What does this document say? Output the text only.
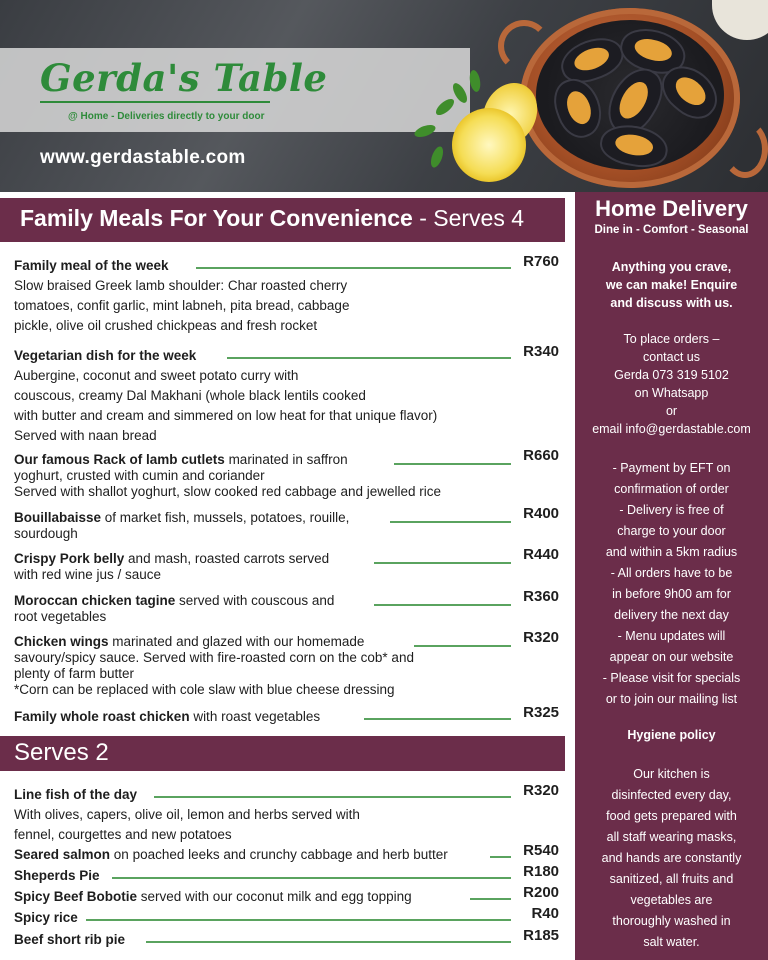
Gerda's Table
@ Home - Deliveries directly to your door
www.gerdastable.com
Family Meals For Your Convenience - Serves 4
Family meal of the week	R760
Slow braised Greek lamb shoulder: Char roasted cherry
tomatoes, confit garlic, mint labneh, pita bread, cabbage
pickle, olive oil crushed chickpeas and fresh rocket
Vegetarian dish for the week	R340
Aubergine, coconut and sweet potato curry with
couscous, creamy Dal Makhani (whole black lentils cooked
with butter and cream and simmered on low heat for that unique flavor)
Served with naan bread
Our famous Rack of lamb cutlets marinated in saffron	R660
yoghurt, crusted with cumin and coriander
Served with shallot yoghurt, slow cooked red cabbage and jewelled rice
Bouillabaisse of market fish, mussels, potatoes, rouille,	R400
sourdough
Crispy Pork belly and mash, roasted carrots served	R440
with red wine jus / sauce
Moroccan chicken tagine served with couscous and	R360
root vegetables
Chicken wings marinated and glazed with our homemade	R320
savoury/spicy sauce. Served with fire-roasted corn on the cob* and
plenty of farm butter
*Corn can be replaced with cole slaw with blue cheese dressing
Family whole roast chicken with roast vegetables	R325
Serves 2
Line fish of the day	R320
With olives, capers, olive oil, lemon and herbs served with
fennel, courgettes and new potatoes
Seared salmon on poached leeks and crunchy cabbage and herb butter	R540
Sheperds Pie	R180
Spicy Beef Bobotie served with our coconut milk and egg topping	R200
Spicy rice	R40
Beef short rib pie	R185
Home Delivery
Dine in - Comfort - Seasonal
Anything you crave,
we can make! Enquire
and discuss with us.
To place orders –
contact us
Gerda 073 319 5102
on Whatsapp
or
email info@gerdastable.com
- Payment by EFT on
confirmation of order
- Delivery is free of
charge to your door
and within a 5km radius
- All orders have to be
in before 9h00 am for
delivery the next day
- Menu updates will
appear on our website
- Please visit for specials
or to join our mailing list
Hygiene policy
Our kitchen is
disinfected every day,
food gets prepared with
all staff wearing masks,
and hands are constantly
sanitized, all fruits and
vegetables are
thoroughly washed in
salt water.
